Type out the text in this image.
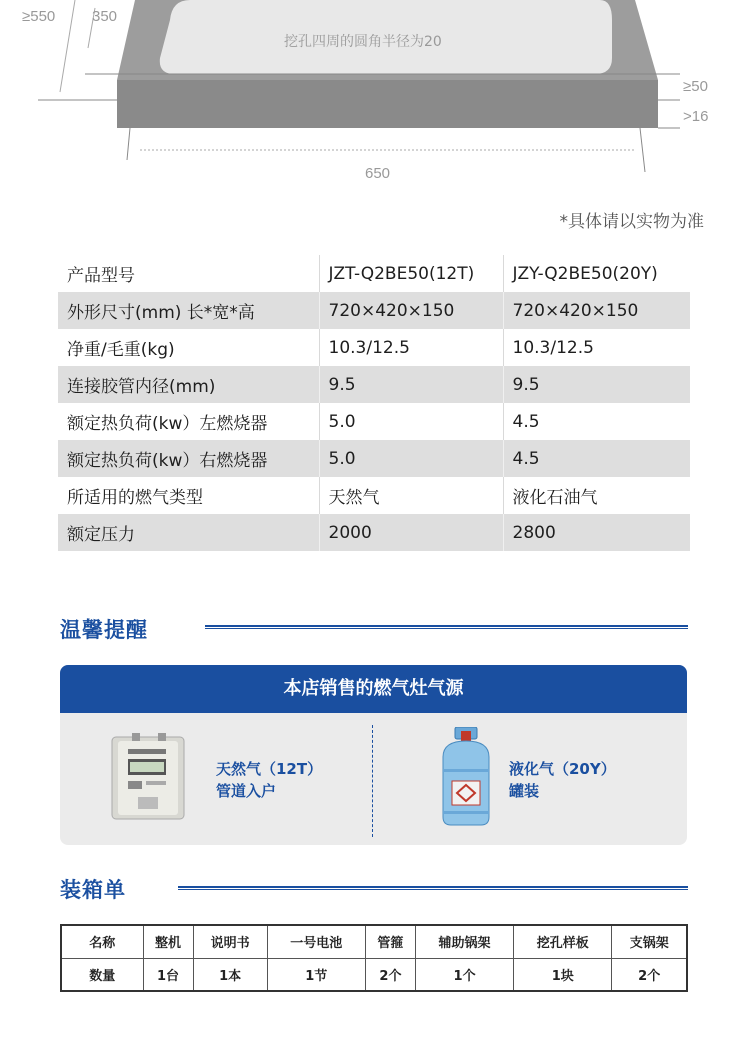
≥550 350
挖孔四周的圆角半径为20
≥50
>16
650
*具体请以实物为准
产品型号	JZT-Q2BE50(12T)	JZY-Q2BE50(20Y)
外形尺寸(mm) 长*宽*高	720×420×150	720×420×150
净重/毛重(kg)	10.3/12.5	10.3/12.5
连接胶管内径(mm)	9.5	9.5
额定热负荷(kw）左燃烧器	5.0	4.5
额定热负荷(kw）右燃烧器	5.0	4.5
所适用的燃气类型	天然气	液化石油气
额定压力	2000	2800
温馨提醒
本店销售的燃气灶气源
天然气（12T）
管道入户
液化气（20Y）
罐装
装箱单
名称	整机	说明书	一号电池	管箍	辅助锅架	挖孔样板	支锅架
数量	1台	1本	1节	2个	1个	1块	2个
